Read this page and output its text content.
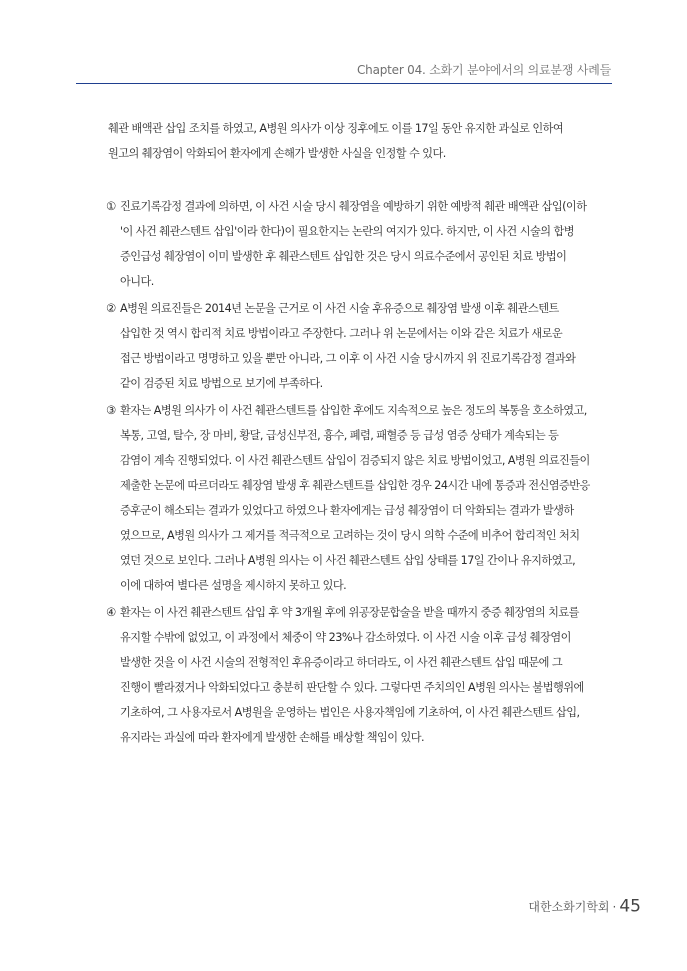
Chapter 04. 소화기 분야에서의 의료분쟁 사례들
췌관 배액관 삽입 조치를 하였고, A병원 의사가 이상 징후에도 이를 17일 동안 유지한 과실로 인하여
원고의 췌장염이 악화되어 환자에게 손해가 발생한 사실을 인정할 수 있다.
① 진료기록감정 결과에 의하면, 이 사건 시술 당시 췌장염을 예방하기 위한 예방적 췌관 배액관 삽입(이하
'이 사건 췌관스텐트 삽입'이라 한다)이 필요한지는 논란의 여지가 있다. 하지만, 이 사건 시술의 합병
증인급성 췌장염이 이미 발생한 후 췌관스텐트 삽입한 것은 당시 의료수준에서 공인된 치료 방법이
아니다.
② A병원 의료진들은 2014년 논문을 근거로 이 사건 시술 후유증으로 췌장염 발생 이후 췌관스텐트
삽입한 것 역시 합리적 치료 방법이라고 주장한다. 그러나 위 논문에서는 이와 같은 치료가 새로운
접근 방법이라고 명명하고 있을 뿐만 아니라, 그 이후 이 사건 시술 당시까지 위 진료기록감정 결과와
같이 검증된 치료 방법으로 보기에 부족하다.
③ 환자는 A병원 의사가 이 사건 췌관스텐트를 삽입한 후에도 지속적으로 높은 정도의 복통을 호소하였고,
복통, 고열, 탈수, 장 마비, 황달, 급성신부전, 흉수, 폐렴, 패혈증 등 급성 염증 상태가 계속되는 등
감염이 계속 진행되었다. 이 사건 췌관스텐트 삽입이 검증되지 않은 치료 방법이었고, A병원 의료진들이
제출한 논문에 따르더라도 췌장염 발생 후 췌관스텐트를 삽입한 경우 24시간 내에 통증과 전신염증반응
증후군이 해소되는 결과가 있었다고 하였으나 환자에게는 급성 췌장염이 더 악화되는 결과가 발생하
였으므로, A병원 의사가 그 제거를 적극적으로 고려하는 것이 당시 의학 수준에 비추어 합리적인 처치
였던 것으로 보인다. 그러나 A병원 의사는 이 사건 췌관스텐트 삽입 상태를 17일 간이나 유지하였고,
이에 대하여 별다른 설명을 제시하지 못하고 있다.
④ 환자는 이 사건 췌관스텐트 삽입 후 약 3개월 후에 위공장문합술을 받을 때까지 중증 췌장염의 치료를
유지할 수밖에 없었고, 이 과정에서 체중이 약 23%나 감소하였다. 이 사건 시술 이후 급성 췌장염이
발생한 것을 이 사건 시술의 전형적인 후유증이라고 하더라도, 이 사건 췌관스텐트 삽입 때문에 그
진행이 빨라졌거나 악화되었다고 충분히 판단할 수 있다. 그렇다면 주치의인 A병원 의사는 불법행위에
기초하여, 그 사용자로서 A병원을 운영하는 법인은 사용자책임에 기초하여, 이 사건 췌관스텐트 삽입,
유지라는 과실에 따라 환자에게 발생한 손해를 배상할 책임이 있다.
대한소화기학회 · 45
